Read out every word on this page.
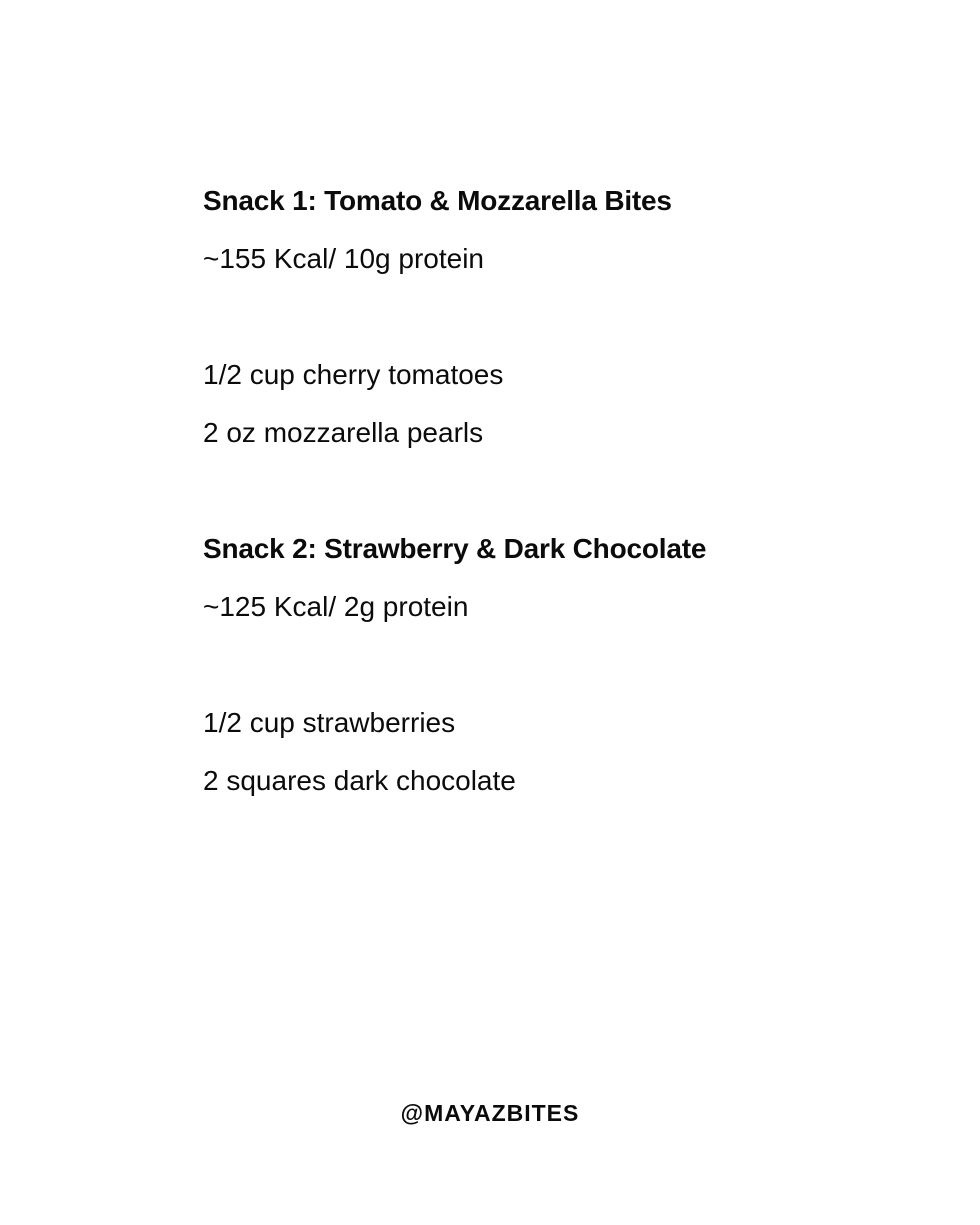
Snack 1: Tomato & Mozzarella Bites

~155 Kcal/ 10g protein

1/2 cup cherry tomatoes

2 oz mozzarella pearls

Snack 2: Strawberry & Dark Chocolate

~125 Kcal/ 2g protein

1/2 cup strawberries

2 squares dark chocolate

@MAYAZBITES
